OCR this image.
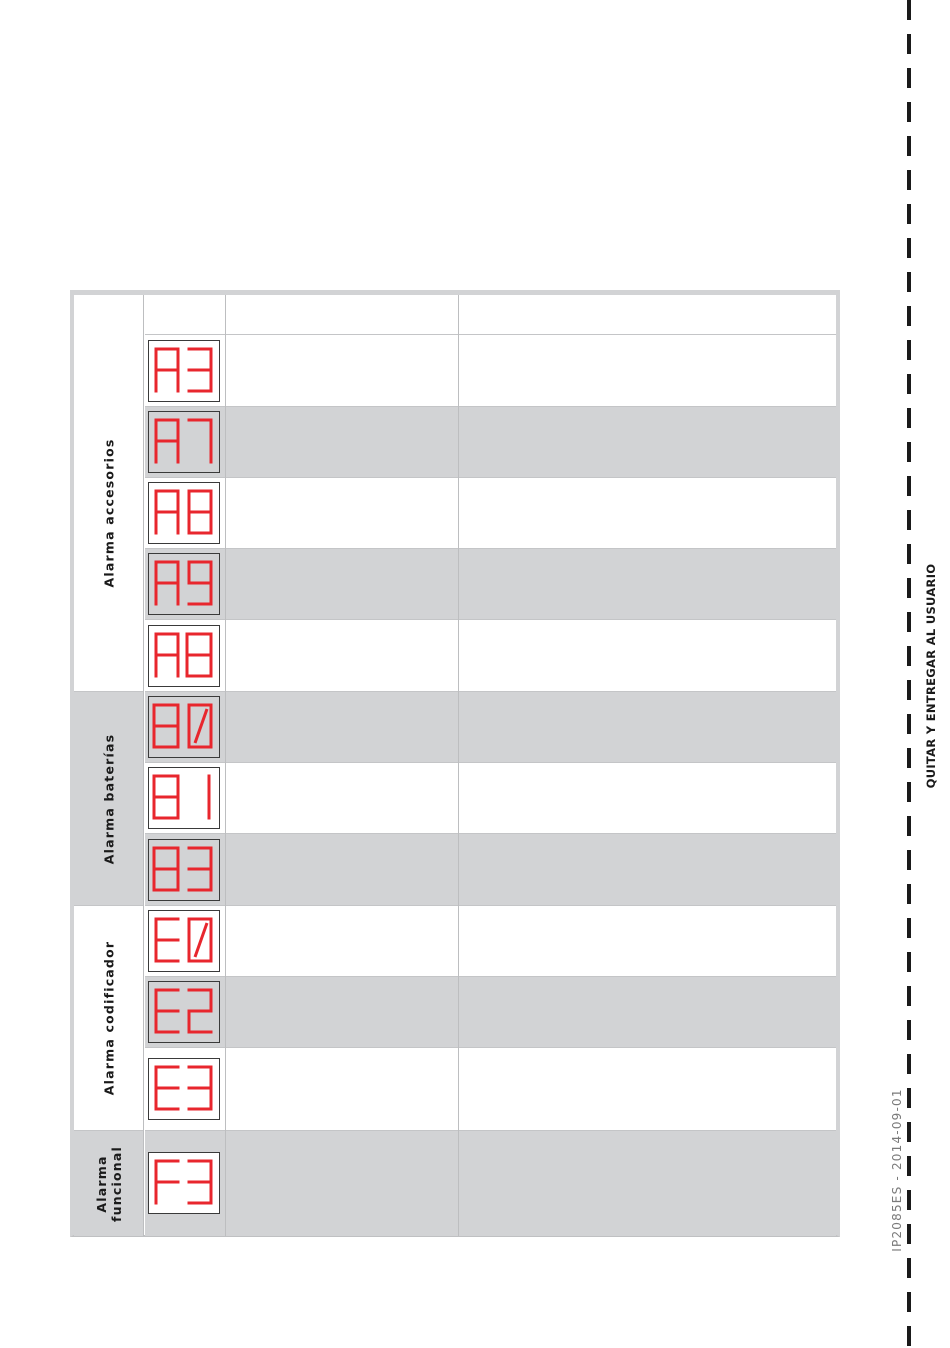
Alarma accesorios
Alarma baterías
Alarma codificador
Alarma funcional	IP2085ES - 2014-09-01
QUITAR Y ENTREGAR AL USUARIO
